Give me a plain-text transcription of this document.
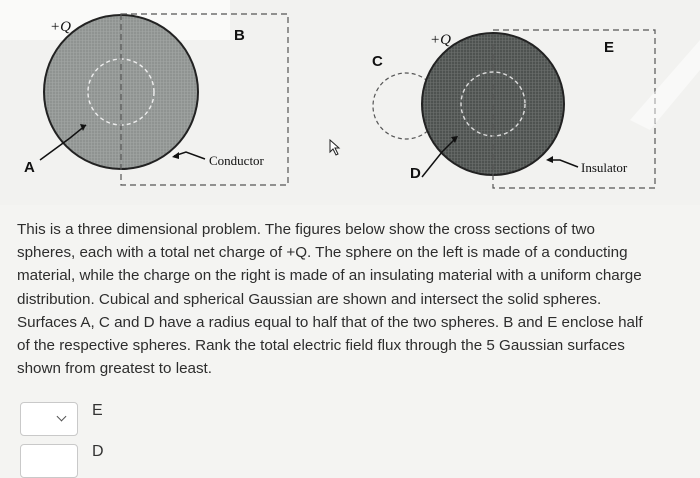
+Q
A
B
Conductor
C
+Q
D
E
Insulator

This is a three dimensional problem. The figures below show the cross sections of two spheres, each with a total net charge of +Q. The sphere on the left is made of a conducting material, while the charge on the right is made of an insulating material with a uniform charge distribution. Cubical and spherical Gaussian are shown and intersect the solid spheres. Surfaces A, C and D have a radius equal to half that of the two spheres. B and E enclose half of the respective spheres. Rank the total electric field flux through the 5 Gaussian surfaces shown from greatest to least.

E
D
